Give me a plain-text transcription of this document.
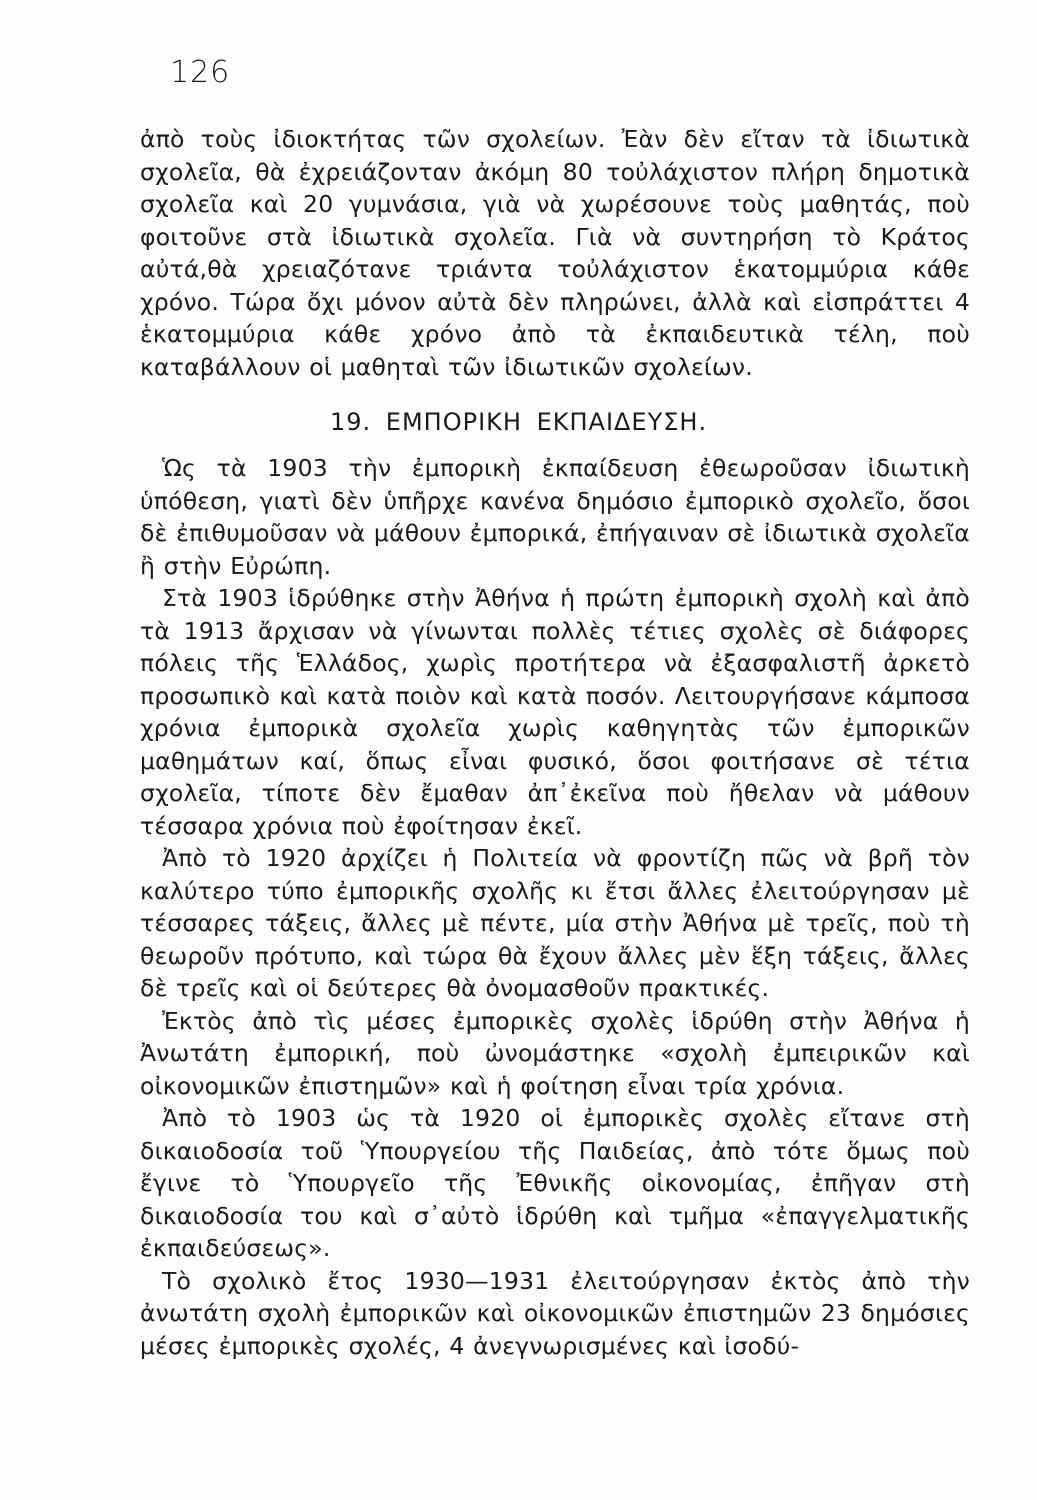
126

ἀπὸ τοὺς ἰδιοκτήτας τῶν σχολείων. Ἐὰν δὲν εἴταν τὰ ἰδιωτικὰ σχολεῖα, θὰ ἐχρειάζονταν ἀκόμη 80 τοὐλάχιστον πλήρη δημοτικὰ σχολεῖα καὶ 20 γυμνάσια, γιὰ νὰ χωρέσουνε τοὺς μαθητάς, ποὺ φοιτοῦνε στὰ ἰδιωτικὰ σχολεῖα. Γιὰ νὰ συντηρήση τὸ Κράτος αὐτά,θὰ χρειαζότανε τριάντα τοὐλάχιστον ἑκατομμύρια κάθε χρόνο. Τώρα ὄχι μόνον αὐτὰ δὲν πληρώνει, ἀλλὰ καὶ εἰσπράττει 4 ἑκατομμύρια κάθε χρόνο ἀπὸ τὰ ἐκπαιδευτικὰ τέλη, ποὺ καταβάλλουν οἱ μαθηταὶ τῶν ἰδιωτικῶν σχολείων.

19. ΕΜΠΟΡΙΚΗ ΕΚΠΑΙΔΕΥΣΗ.

Ὡς τὰ 1903 τὴν ἐμπορικὴ ἐκπαίδευση ἐθεωροῦσαν ἰδιωτικὴ ὑπόθεση, γιατὶ δὲν ὑπῆρχε κανένα δημόσιο ἐμπορικὸ σχολεῖο, ὅσοι δὲ ἐπιθυμοῦσαν νὰ μάθουν ἐμπορικά, ἐπήγαιναν σὲ ἰδιωτικὰ σχολεῖα ἢ στὴν Εὐρώπη.

Στὰ 1903 ἱδρύθηκε στὴν Ἀθήνα ἡ πρώτη ἐμπορικὴ σχολὴ καὶ ἀπὸ τὰ 1913 ἄρχισαν νὰ γίνωνται πολλὲς τέτιες σχολὲς σὲ διάφορες πόλεις τῆς Ἑλλάδος, χωρὶς προτήτερα νὰ ἐξασφαλιστῆ ἀρκετὸ προσωπικὸ καὶ κατὰ ποιὸν καὶ κατὰ ποσόν. Λειτουργήσανε κάμποσα χρόνια ἐμπορικὰ σχολεῖα χωρὶς καθηγητὰς τῶν ἐμπορικῶν μαθημάτων καί, ὅπως εἶναι φυσικό, ὅσοι φοιτήσανε σὲ τέτια σχολεῖα, τίποτε δὲν ἔμαθαν ἀπ᾿ἐκεῖνα ποὺ ἤθελαν νὰ μάθουν τέσσαρα χρόνια ποὺ ἐφοίτησαν ἐκεῖ.

Ἀπὸ τὸ 1920 ἀρχίζει ἡ Πολιτεία νὰ φροντίζη πῶς νὰ βρῆ τὸν καλύτερο τύπο ἐμπορικῆς σχολῆς κι ἔτσι ἄλλες ἐλειτούργησαν μὲ τέσσαρες τάξεις, ἄλλες μὲ πέντε, μία στὴν Ἀθήνα μὲ τρεῖς, ποὺ τὴ θεωροῦν πρότυπο, καὶ τώρα θὰ ἔχουν ἄλλες μὲν ἕξη τάξεις, ἄλλες δὲ τρεῖς καὶ οἱ δεύτερες θὰ ὀνομασθοῦν πρακτικές.

Ἐκτὸς ἀπὸ τὶς μέσες ἐμπορικὲς σχολὲς ἱδρύθη στὴν Ἀθήνα ἡ Ἀνωτάτη ἐμπορική, ποὺ ὠνομάστηκε «σχολὴ ἐμπειρικῶν καὶ οἰκονομικῶν ἐπιστημῶν» καὶ ἡ φοίτηση εἶναι τρία χρόνια.

Ἀπὸ τὸ 1903 ὡς τὰ 1920 οἱ ἐμπορικὲς σχολὲς εἴτανε στὴ δικαιοδοσία τοῦ Ὑπουργείου τῆς Παιδείας, ἀπὸ τότε ὅμως ποὺ ἔγινε τὸ Ὑπουργεῖο τῆς Ἐθνικῆς οἰκονομίας, ἐπῆγαν στὴ δικαιοδοσία του καὶ σ᾿αὐτὸ ἱδρύθη καὶ τμῆμα «ἐπαγγελματικῆς ἐκπαιδεύσεως».

Τὸ σχολικὸ ἔτος 1930—1931 ἐλειτούργησαν ἐκτὸς ἀπὸ τὴν ἀνωτάτη σχολὴ ἐμπορικῶν καὶ οἰκονομικῶν ἐπιστημῶν 23 δημόσιες μέσες ἐμπορικὲς σχολές, 4 ἀνεγνωρισμένες καὶ ἰσοδύ-
